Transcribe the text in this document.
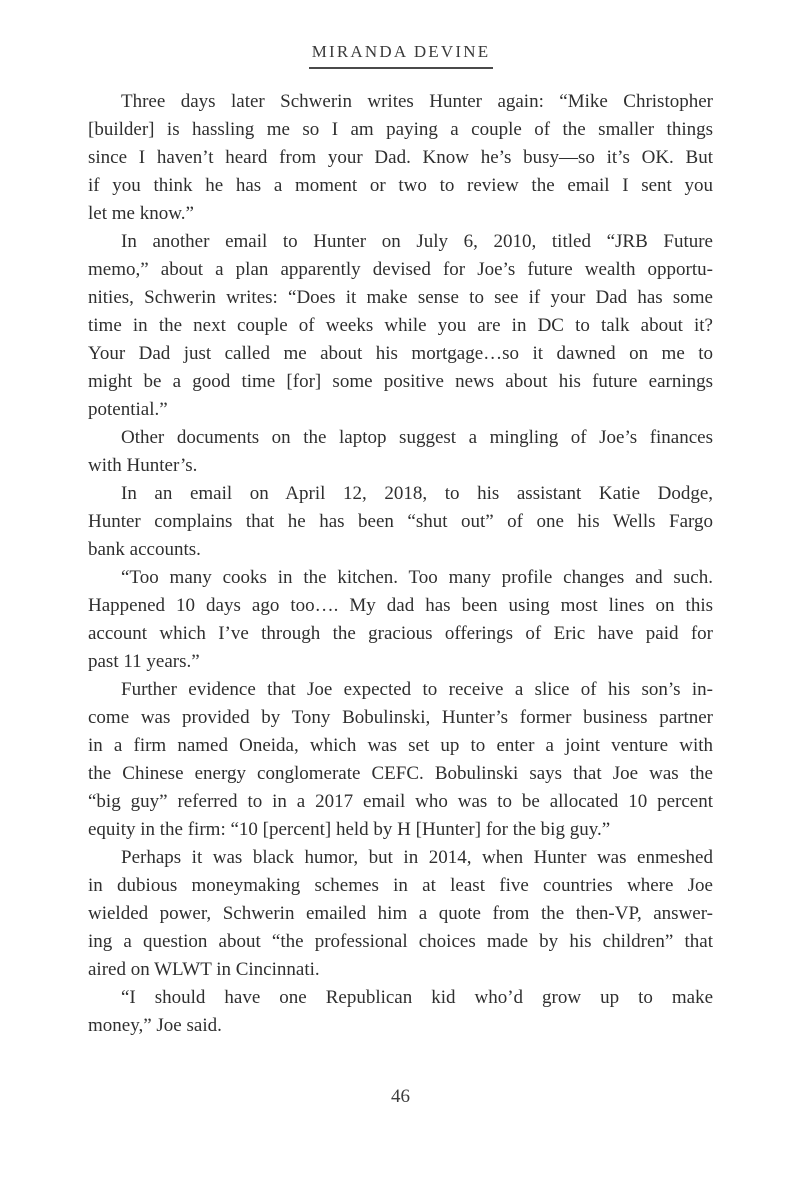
MIRANDA DEVINE
Three days later Schwerin writes Hunter again: “Mike Christopher
[builder] is hassling me so I am paying a couple of the smaller things
since I haven’t heard from your Dad. Know he’s busy—so it’s OK. But
if you think he has a moment or two to review the email I sent you
let me know.”
In another email to Hunter on July 6, 2010, titled “JRB Future
memo,” about a plan apparently devised for Joe’s future wealth opportu-
nities, Schwerin writes: “Does it make sense to see if your Dad has some
time in the next couple of weeks while you are in DC to talk about it?
Your Dad just called me about his mortgage…so it dawned on me to
might be a good time [for] some positive news about his future earnings
potential.”
Other documents on the laptop suggest a mingling of Joe’s finances
with Hunter’s.
In an email on April 12, 2018, to his assistant Katie Dodge,
Hunter complains that he has been “shut out” of one his Wells Fargo
bank accounts.
“Too many cooks in the kitchen. Too many profile changes and such.
Happened 10 days ago too…. My dad has been using most lines on this
account which I’ve through the gracious offerings of Eric have paid for
past 11 years.”
Further evidence that Joe expected to receive a slice of his son’s in-
come was provided by Tony Bobulinski, Hunter’s former business partner
in a firm named Oneida, which was set up to enter a joint venture with
the Chinese energy conglomerate CEFC. Bobulinski says that Joe was the
“big guy” referred to in a 2017 email who was to be allocated 10 percent
equity in the firm: “10 [percent] held by H [Hunter] for the big guy.”
Perhaps it was black humor, but in 2014, when Hunter was enmeshed
in dubious moneymaking schemes in at least five countries where Joe
wielded power, Schwerin emailed him a quote from the then-VP, answer-
ing a question about “the professional choices made by his children” that
aired on WLWT in Cincinnati.
“I should have one Republican kid who’d grow up to make
money,” Joe said.
46
